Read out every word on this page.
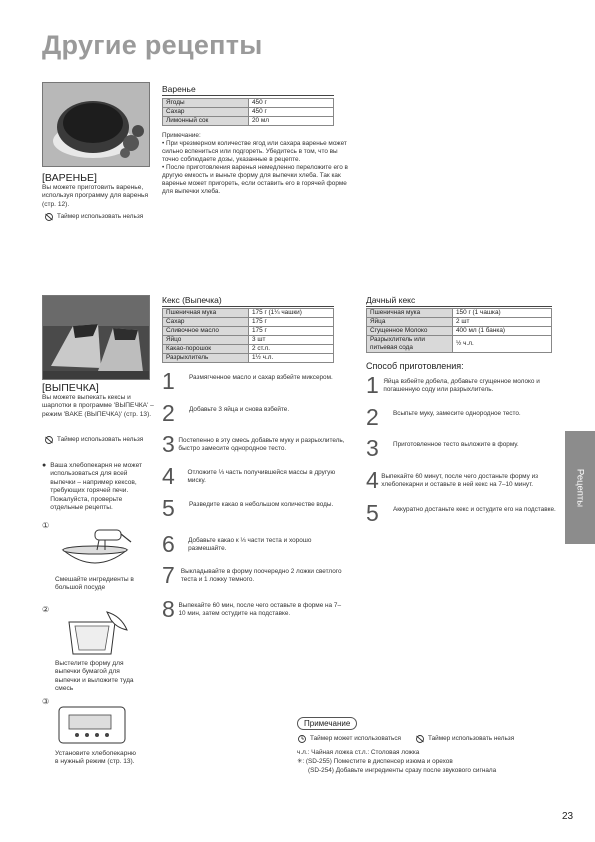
Другие рецепты
[ВАРЕНЬЕ]
Вы можете приготовить варенье, используя программу для варенья (стр. 12).
Таймер использовать нельзя
Варенье
Ягоды	450 г
Сахар	450 г
Лимонный сок	20 мл
Примечание:
• При чрезмерном количестве ягод или сахара варенье может сильно вспениться или подгореть. Убедитесь в том, что вы точно соблюдаете дозы, указанные в рецепте.
• После приготовления варенья немедленно переложите его в другую емкость и выньте форму для выпечки хлеба. Так как варенье может пригореть, если оставить его в горячей форме для выпечки хлеба.
[ВЫПЕЧКА]
Вы можете выпекать кексы и шарлотки в программе 'ВЫПЕЧКА' – режим 'BAKE (ВЫПЕЧКА)' (стр. 13).
Таймер использовать нельзя
● Ваша хлебопекарня не может использоваться для всей выпечки – например кексов, требующих горячей печи. Пожалуйста, проверьте отдельные рецепты.
①
Смешайте ингредиенты в большой посуде
②
Выстелите форму для выпечки бумагой для выпечки и выложите туда смесь
③
Установите хлебопекарню в нужный режим (стр. 13).
Кекс (Выпечка)
Пшеничная мука	175 г (1¼ чашки)
Сахар	175 г
Сливочное масло	175 г
Яйцо	3 шт
Какао-порошок	2 ст.л.
Разрыхлитель	1½ ч.л.
1	Размягченное масло и сахар взбейте миксером.
2	Добавьте 3 яйца и снова взбейте.
3 Постепенно в эту смесь добавьте муку и разрыхлитель, быстро замесите однородное тесто.
4	Отложите ⅓ часть получившейся массы в другую миску.
5	Разведите какао в небольшом количестве воды.
6	Добавьте какао к ⅓ части теста и хорошо размешайте.
7 Выкладывайте в форму поочередно 2 ложки светлого теста и 1 ложку темного.
8 Выпекайте 60 мин, после чего оставьте в форме на 7–10 мин, затем остудите на подставке.
Дачный кекс
Пшеничная мука	150 г (1 чашка)
Яйца	2 шт
Сгущенное Молоко	400 мл (1 банка)
Разрыхлитель или питьевая сода	½ ч.л.
Способ приготовления:
1 Яйца взбейте добела, добавьте сгущенное молоко и погашенную соду или разрыхлитель.
2	Всыпьте муку, замесите однородное тесто.
3	Приготовленное тесто выложите в форму.
4 Выпекайте 60 минут, после чего достаньте форму из хлебопекарни и оставьте в ней кекс на 7–10 минут.
5	Аккуратно достаньте кекс и остудите его на подставке.
Примечание
Таймер может использоваться	Таймер использовать нельзя
ч.л.: Чайная ложка ст.л.: Столовая ложка
✳: (SD-255) Поместите в диспенсер изюма и орехов
(SD-254) Добавьте ингредиенты сразу после звукового сигнала
Рецепты
23
